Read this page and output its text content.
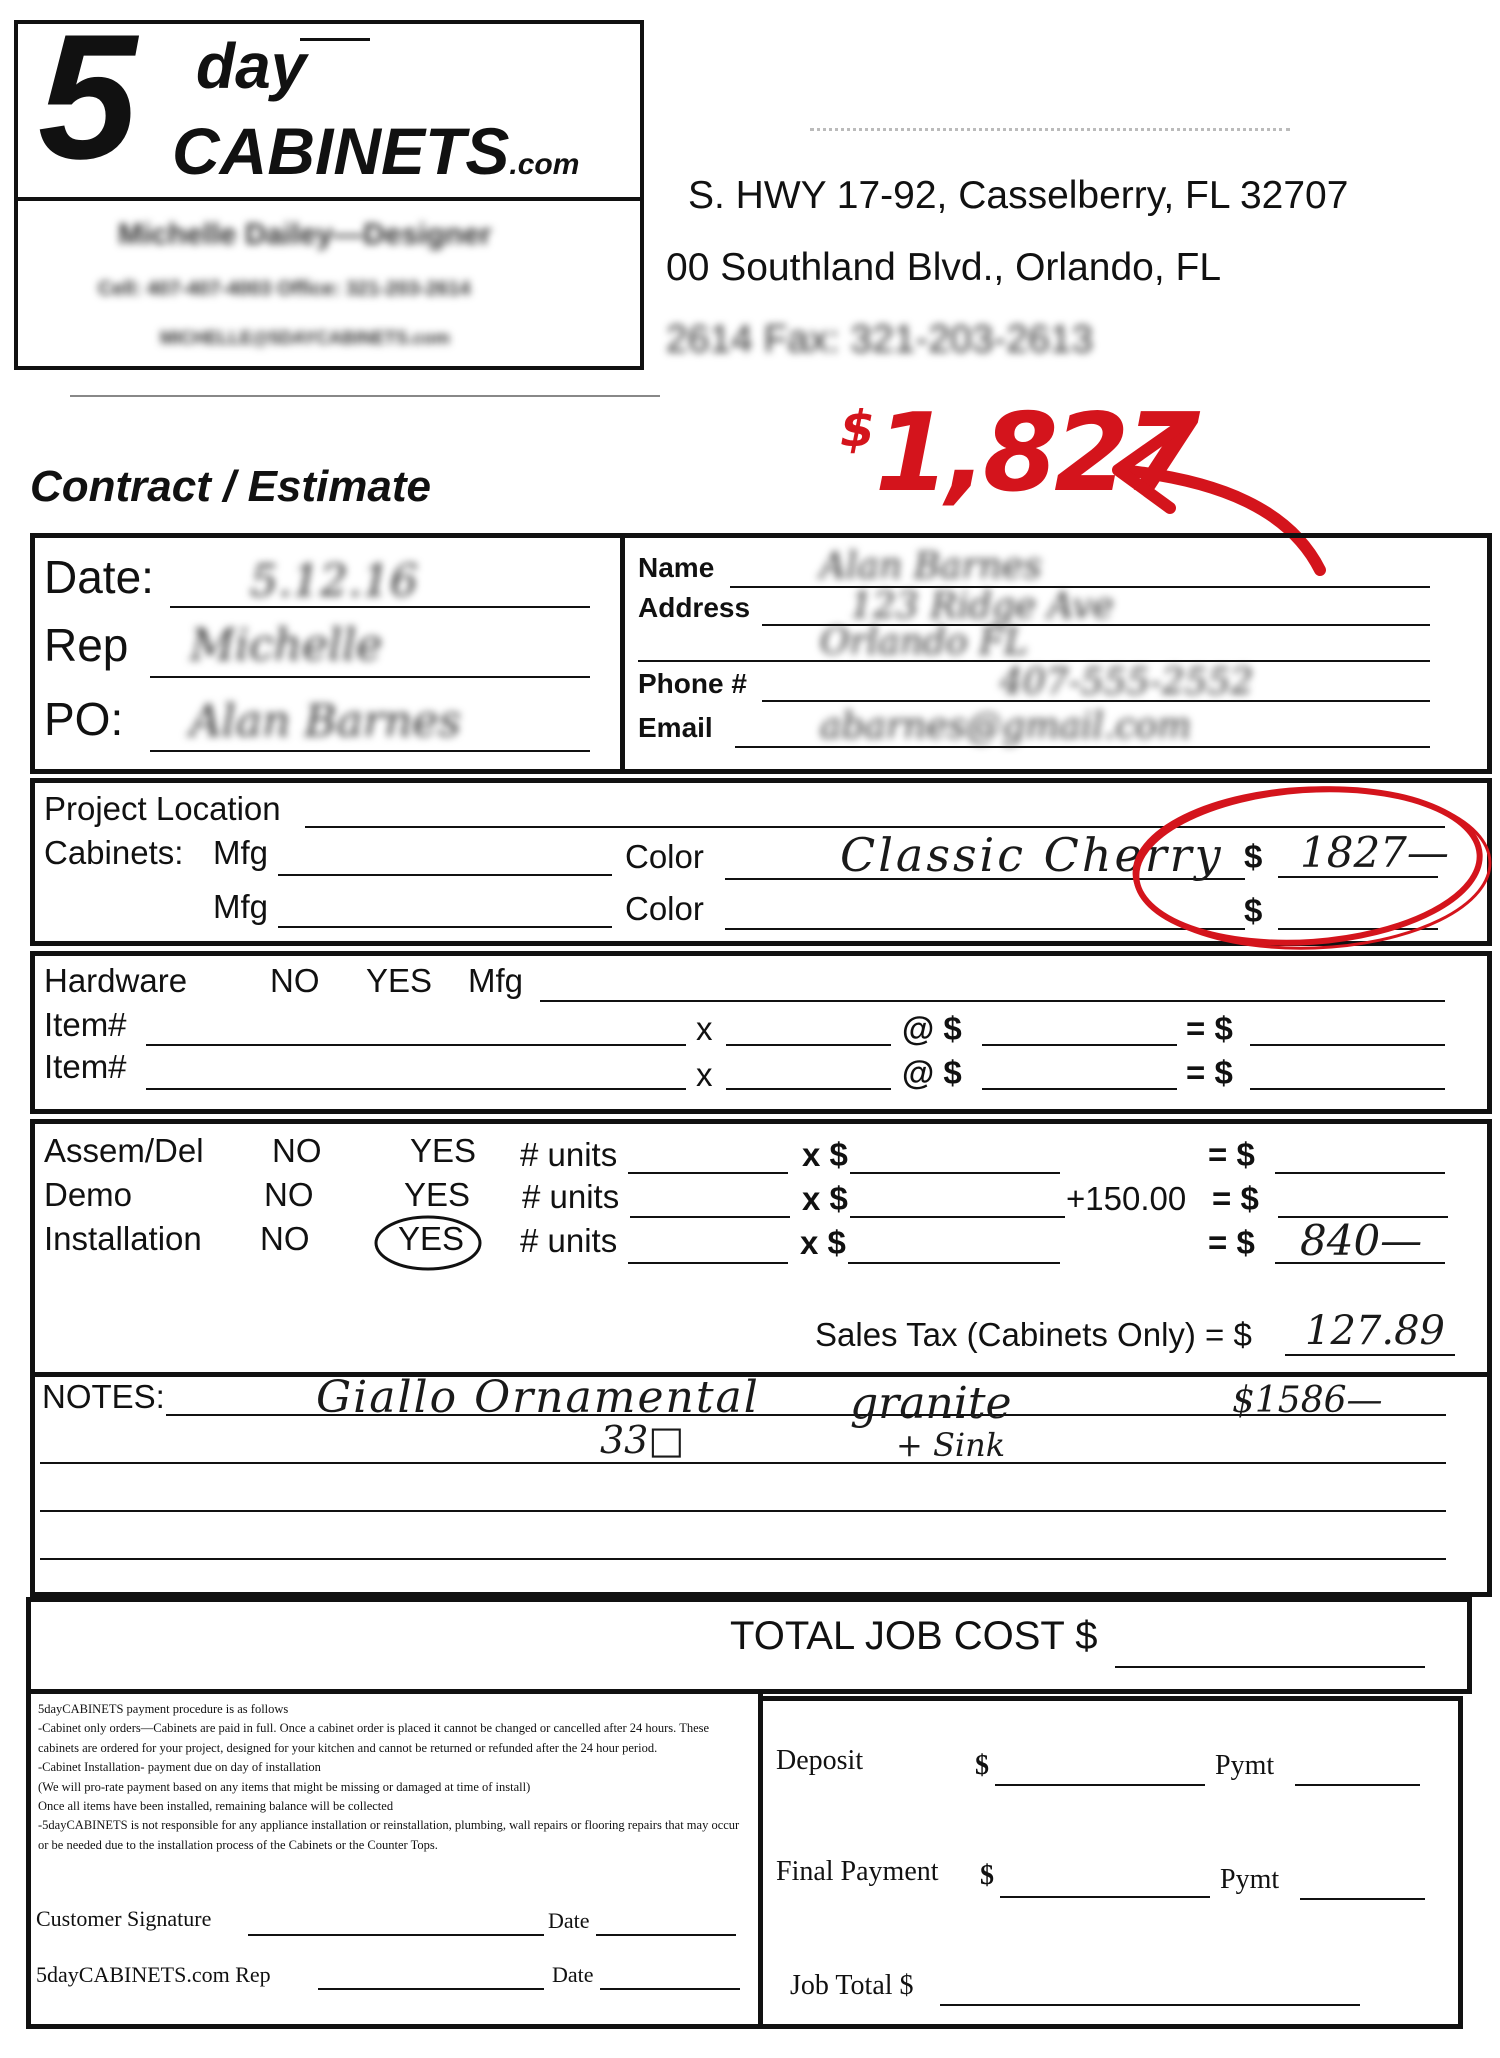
5 day
CABINETS.com
Michelle Dailey—Designer
Cell: 407-407-4003 Office: 321-203-2614
MICHELLE@5DAYCABINETS.com
S. HWY 17-92, Casselberry, FL 32707
00 Southland Blvd., Orlando, FL
2614 Fax: 321-203-2613
$1,827
Contract / Estimate
Date: 5.12.16
Rep Michelle
PO: Alan Barnes
Name	Alan Barnes
Address	123 Ridge Ave
Orlando FL
Phone #	407-555-2552
Email	abarnes@gmail.com
Project Location
Cabinets: Mfg	Color	Classic Cherry $ 1827—
Mfg	Color	$
Hardware	NO YES Mfg
Item#	x	@ $	= $
Item#	x	@ $	= $
Assem/Del NO	YES # units	x $	= $
Demo	NO	YES # units	x $	+150.00 = $
Installation NO	YES # units	x $	= $ 840—
Sales Tax (Cabinets Only) = $ 127.89
NOTES:	Giallo Ornamental granite	$1586—
33□	+ Sink
TOTAL JOB COST $
5dayCABINETS payment procedure is as follows
-Cabinet only orders—Cabinets are paid in full. Once a cabinet order is placed it cannot be changed or cancelled after 24 hours. These cabinets are ordered for your project, designed for your kitchen and cannot be returned or refunded after the 24 hour period.
-Cabinet Installation- payment due on day of installation
(We will pro-rate payment based on any items that might be missing or damaged at time of install)
Once all items have been installed, remaining balance will be collected
-5dayCABINETS is not responsible for any appliance installation or reinstallation, plumbing, wall repairs or flooring repairs that may occur or be needed due to the installation process of the Cabinets or the Counter Tops.
Customer Signature	Date
5dayCABINETS.com Rep	Date
Deposit	$	Pymt
Final Payment $	Pymt
Job Total $
